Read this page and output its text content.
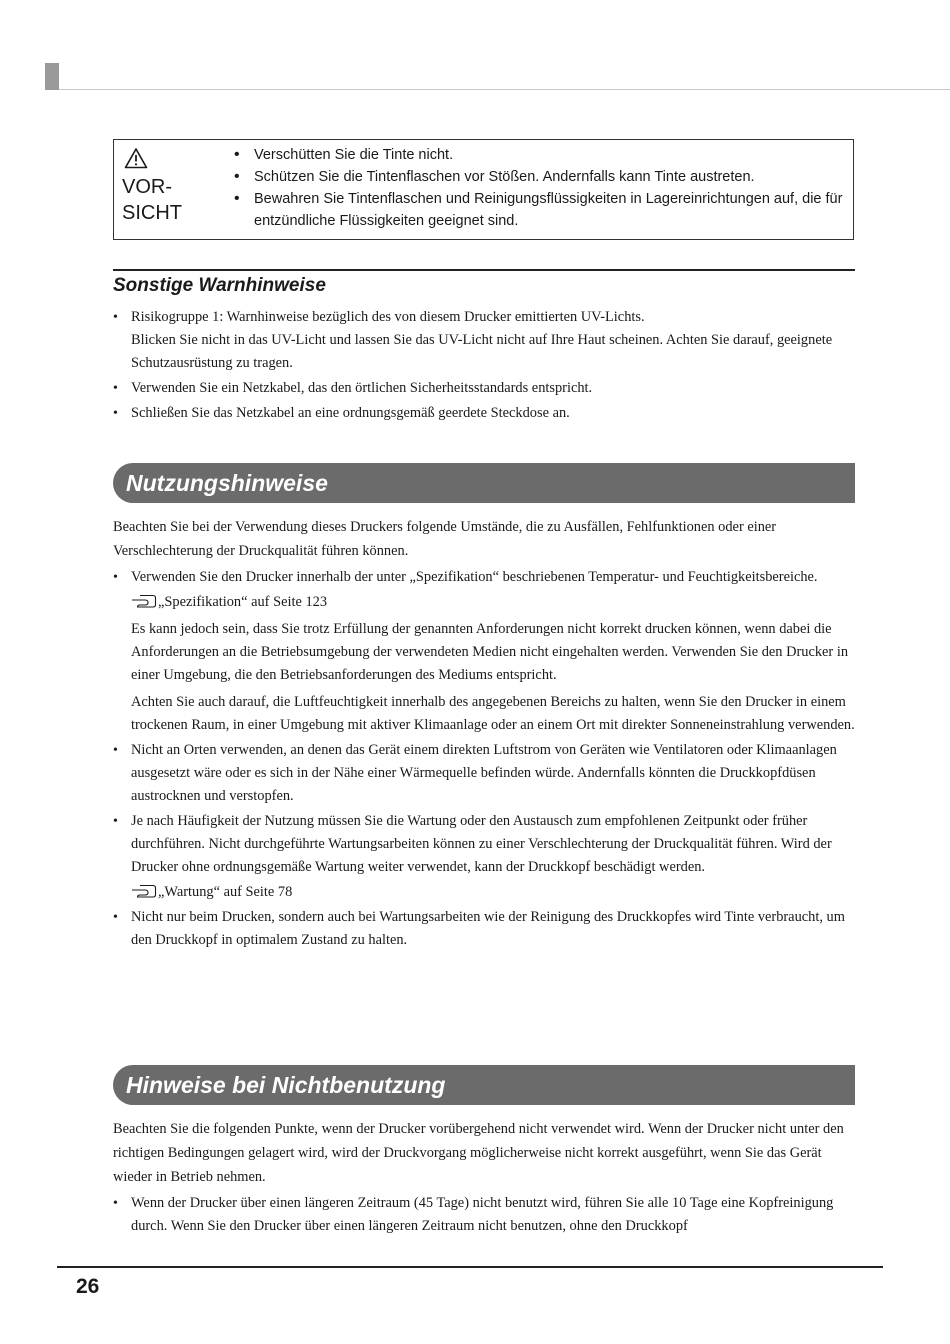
VOR-
SICHT
• Verschütten Sie die Tinte nicht.
• Schützen Sie die Tintenflaschen vor Stößen. Andernfalls kann Tinte austreten.
• Bewahren Sie Tintenflaschen und Reinigungsflüssigkeiten in Lagereinrichtungen auf, die für entzündliche Flüssigkeiten geeignet sind.
Sonstige Warnhinweise

• Risikogruppe 1: Warnhinweise bezüglich des von diesem Drucker emittierten UV-Lichts.

Blicken Sie nicht in das UV-Licht und lassen Sie das UV-Licht nicht auf Ihre Haut scheinen. Achten Sie darauf, geeignete Schutzausrüstung zu tragen.

• Verwenden Sie ein Netzkabel, das den örtlichen Sicherheitsstandards entspricht.
• Schließen Sie das Netzkabel an eine ordnungsgemäß geerdete Steckdose an.
Nutzungshinweise

Beachten Sie bei der Verwendung dieses Druckers folgende Umstände, die zu Ausfällen, Fehlfunktionen oder einer Verschlechterung der Druckqualität führen können.

• Verwenden Sie den Drucker innerhalb der unter „Spezifikation“ beschriebenen Temperatur- und Feuchtigkeitsbereiche.

„Spezifikation“ auf Seite 123

Es kann jedoch sein, dass Sie trotz Erfüllung der genannten Anforderungen nicht korrekt drucken können, wenn dabei die Anforderungen an die Betriebsumgebung der verwendeten Medien nicht eingehalten werden. Verwenden Sie den Drucker in einer Umgebung, die den Betriebsanforderungen des Mediums entspricht.

Achten Sie auch darauf, die Luftfeuchtigkeit innerhalb des angegebenen Bereichs zu halten, wenn Sie den Drucker in einem trockenen Raum, in einer Umgebung mit aktiver Klimaanlage oder an einem Ort mit direkter Sonneneinstrahlung verwenden.

• Nicht an Orten verwenden, an denen das Gerät einem direkten Luftstrom von Geräten wie Ventilatoren oder Klimaanlagen ausgesetzt wäre oder es sich in der Nähe einer Wärmequelle befinden würde. Andernfalls könnten die Druckkopfdüsen austrocknen und verstopfen.

• Je nach Häufigkeit der Nutzung müssen Sie die Wartung oder den Austausch zum empfohlenen Zeitpunkt oder früher durchführen. Nicht durchgeführte Wartungsarbeiten können zu einer Verschlechterung der Druckqualität führen. Wird der Drucker ohne ordnungsgemäße Wartung weiter verwendet, kann der Druckkopf beschädigt werden.

„Wartung“ auf Seite 78
• Nicht nur beim Drucken, sondern auch bei Wartungsarbeiten wie der Reinigung des Druckkopfes wird Tinte verbraucht, um den Druckkopf in optimalem Zustand zu halten.
Hinweise bei Nichtbenutzung

Beachten Sie die folgenden Punkte, wenn der Drucker vorübergehend nicht verwendet wird. Wenn der Drucker nicht unter den richtigen Bedingungen gelagert wird, wird der Druckvorgang möglicherweise nicht korrekt ausgeführt, wenn Sie das Gerät wieder in Betrieb nehmen.

• Wenn der Drucker über einen längeren Zeitraum (45 Tage) nicht benutzt wird, führen Sie alle 10 Tage eine Kopfreinigung durch. Wenn Sie den Drucker über einen längeren Zeitraum nicht benutzen, ohne den Druckkopf
26
